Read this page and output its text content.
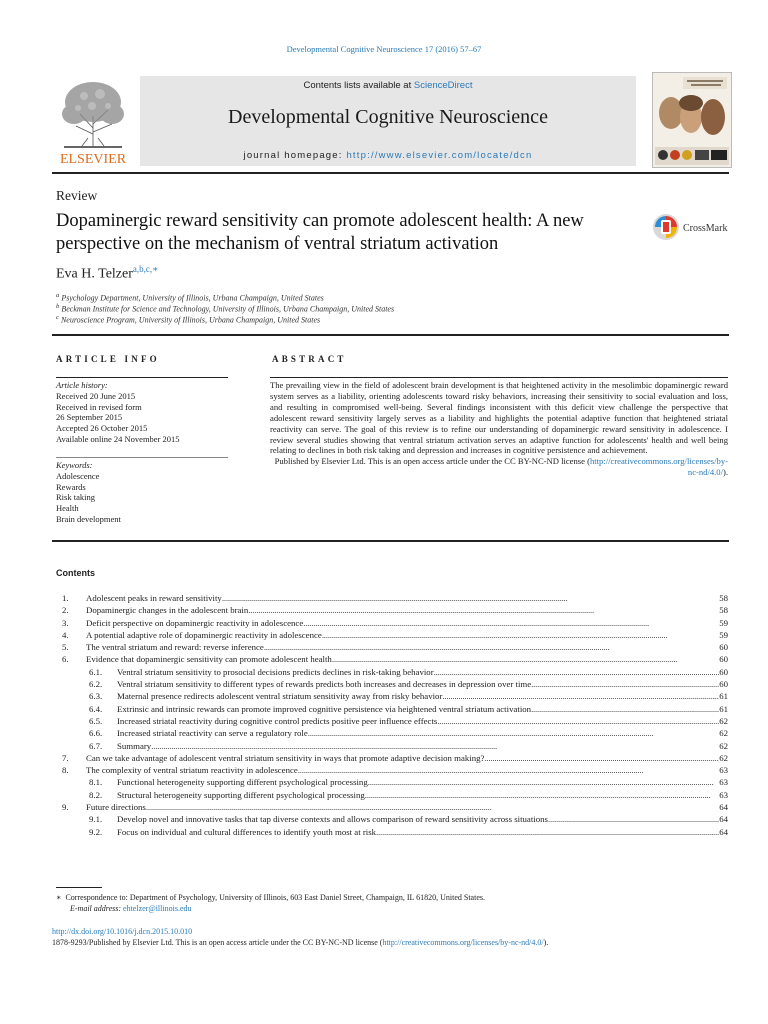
Developmental Cognitive Neuroscience 17 (2016) 57–67
ELSEVIER
Contents lists available at ScienceDirect
Developmental Cognitive Neuroscience
journal homepage: http://www.elsevier.com/locate/dcn
Review
Dopaminergic reward sensitivity can promote adolescent health: A new perspective on the mechanism of ventral striatum activation
CrossMark
Eva H. Telzer$^{a,b,c,∗}$
$^a$ Psychology Department, University of Illinois, Urbana Champaign, United States
$^b$ Beckman Institute for Science and Technology, University of Illinois, Urbana Champaign, United States
$^c$ Neuroscience Program, University of Illinois, Urbana Champaign, United States
ARTICLE INFO
Article history:
Received 20 June 2015
Received in revised form
26 September 2015
Accepted 26 October 2015
Available online 24 November 2015
Keywords:
Adolescence
Rewards
Risk taking
Health
Brain development
ABSTRACT
The prevailing view in the field of adolescent brain development is that heightened activity in the mesolimbic dopaminergic reward system serves as a liability, orienting adolescents toward risky behaviors, increasing their sensitivity to social evaluation and loss, and resulting in compromised well-being. Several findings inconsistent with this deficit view challenge the perspective that adolescent reward sensitivity largely serves as a liability and highlights the potential adaptive function that heightened striatal reactivity can serve. The goal of this review is to refine our understanding of dopaminergic reward sensitivity in adolescence. I review several studies showing that ventral striatum activation serves an adaptive function for adolescents' health and well being relating to declines in both risk taking and depression and increases in cognitive persistence and achievement.
Published by Elsevier Ltd. This is an open access article under the CC BY-NC-ND license (http://creativecommons.org/licenses/by-nc-nd/4.0/).
Contents
1. Adolescent peaks in reward sensitivity . . .	58
2. Dopaminergic changes in the adolescent brain . . .	58
3. Deficit perspective on dopaminergic reactivity in adolescence . . .	59
4. A potential adaptive role of dopaminergic reactivity in adolescence . . .	59
5. The ventral striatum and reward: reverse inference . . .	60
6. Evidence that dopaminergic sensitivity can promote adolescent health . . .	60
6.1. Ventral striatum sensitivity to prosocial decisions predicts declines in risk-taking behavior . . .	60
6.2. Ventral striatum sensitivity to different types of rewards predicts both increases and decreases in depression over time . . .	60
6.3. Maternal presence redirects adolescent ventral striatum sensitivity away from risky behavior . . .	61
6.4. Extrinsic and intrinsic rewards can promote improved cognitive persistence via heightened ventral striatum activation . . .	61
6.5. Increased striatal reactivity during cognitive control predicts positive peer influence effects . . .	62
6.6. Increased striatal reactivity can serve a regulatory role . . .	62
6.7. Summary . . .	62
7. Can we take advantage of adolescent ventral striatum sensitivity in ways that promote adaptive decision making? . . .	62
8. The complexity of ventral striatum reactivity in adolescence . . .	63
8.1. Functional heterogeneity supporting different psychological processing . . .	63
8.2. Structural heterogeneity supporting different psychological processing . . .	63
9. Future directions . . .	64
9.1. Develop novel and innovative tasks that tap diverse contexts and allows comparison of reward sensitivity across situations . . .	64
9.2. Focus on individual and cultural differences to identify youth most at risk . . .	64
∗ Correspondence to: Department of Psychology, University of Illinois, 603 East Daniel Street, Champaign, IL 61820, United States.
E-mail address: ehtelzer@illinois.edu
http://dx.doi.org/10.1016/j.dcn.2015.10.010
1878-9293/Published by Elsevier Ltd. This is an open access article under the CC BY-NC-ND license (http://creativecommons.org/licenses/by-nc-nd/4.0/).
